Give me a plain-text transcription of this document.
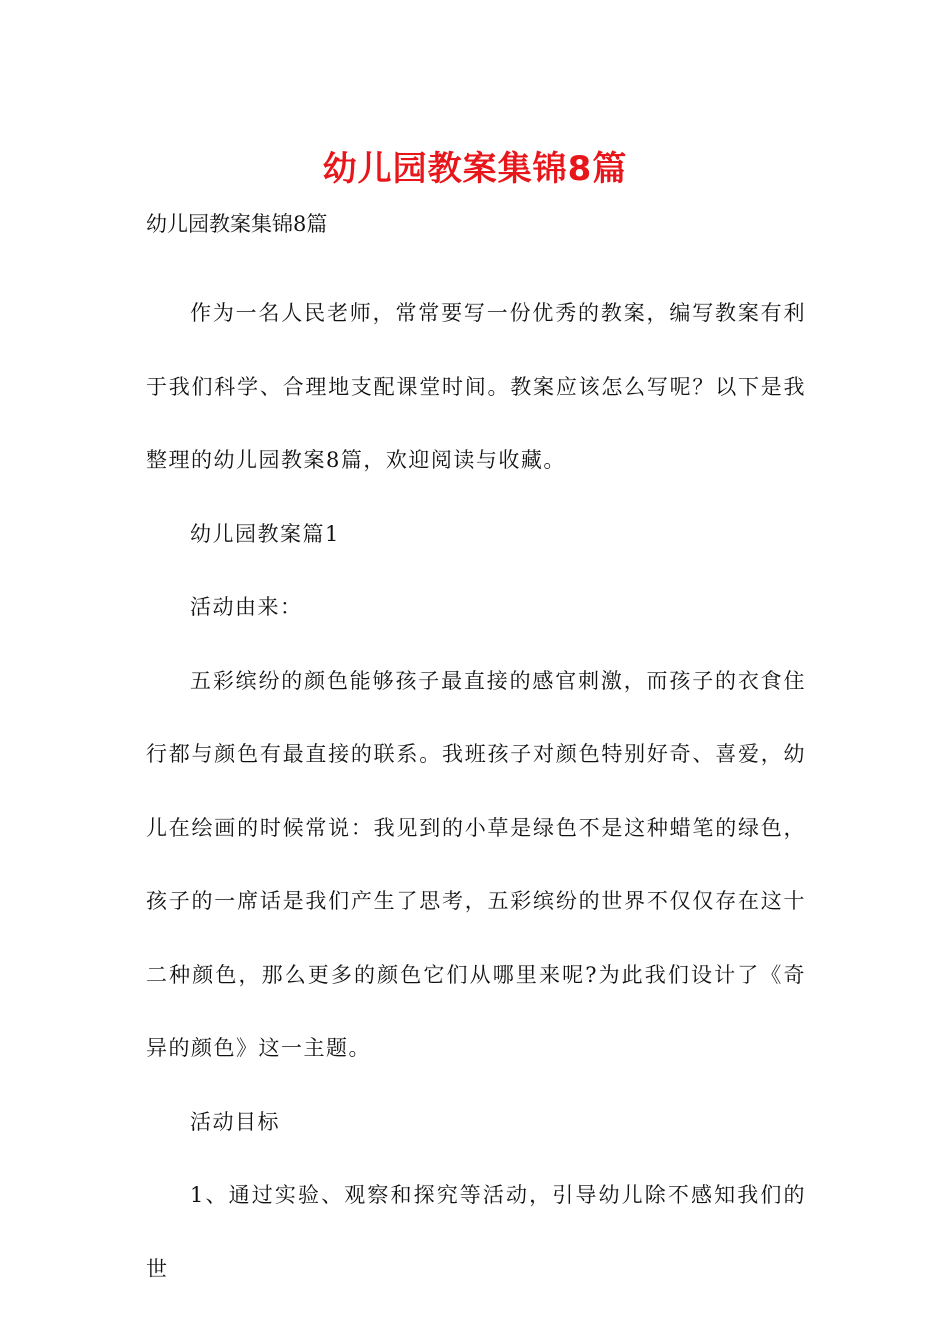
幼儿园教案集锦8篇

幼儿园教案集锦8篇

作为一名人民老师，常常要写一份优秀的教案，编写教案有利于我们科学、合理地支配课堂时间。教案应该怎么写呢？以下是我整理的幼儿园教案8篇，欢迎阅读与收藏。

幼儿园教案篇1

活动由来：

五彩缤纷的颜色能够孩子最直接的感官刺激，而孩子的衣食住行都与颜色有最直接的联系。我班孩子对颜色特别好奇、喜爱，幼儿在绘画的时候常说：我见到的小草是绿色不是这种蜡笔的绿色，孩子的一席话是我们产生了思考，五彩缤纷的世界不仅仅存在这十二种颜色，那么更多的颜色它们从哪里来呢?为此我们设计了《奇异的颜色》这一主题。

活动目标

1、通过实验、观察和探究等活动，引导幼儿除不感知我们的世
